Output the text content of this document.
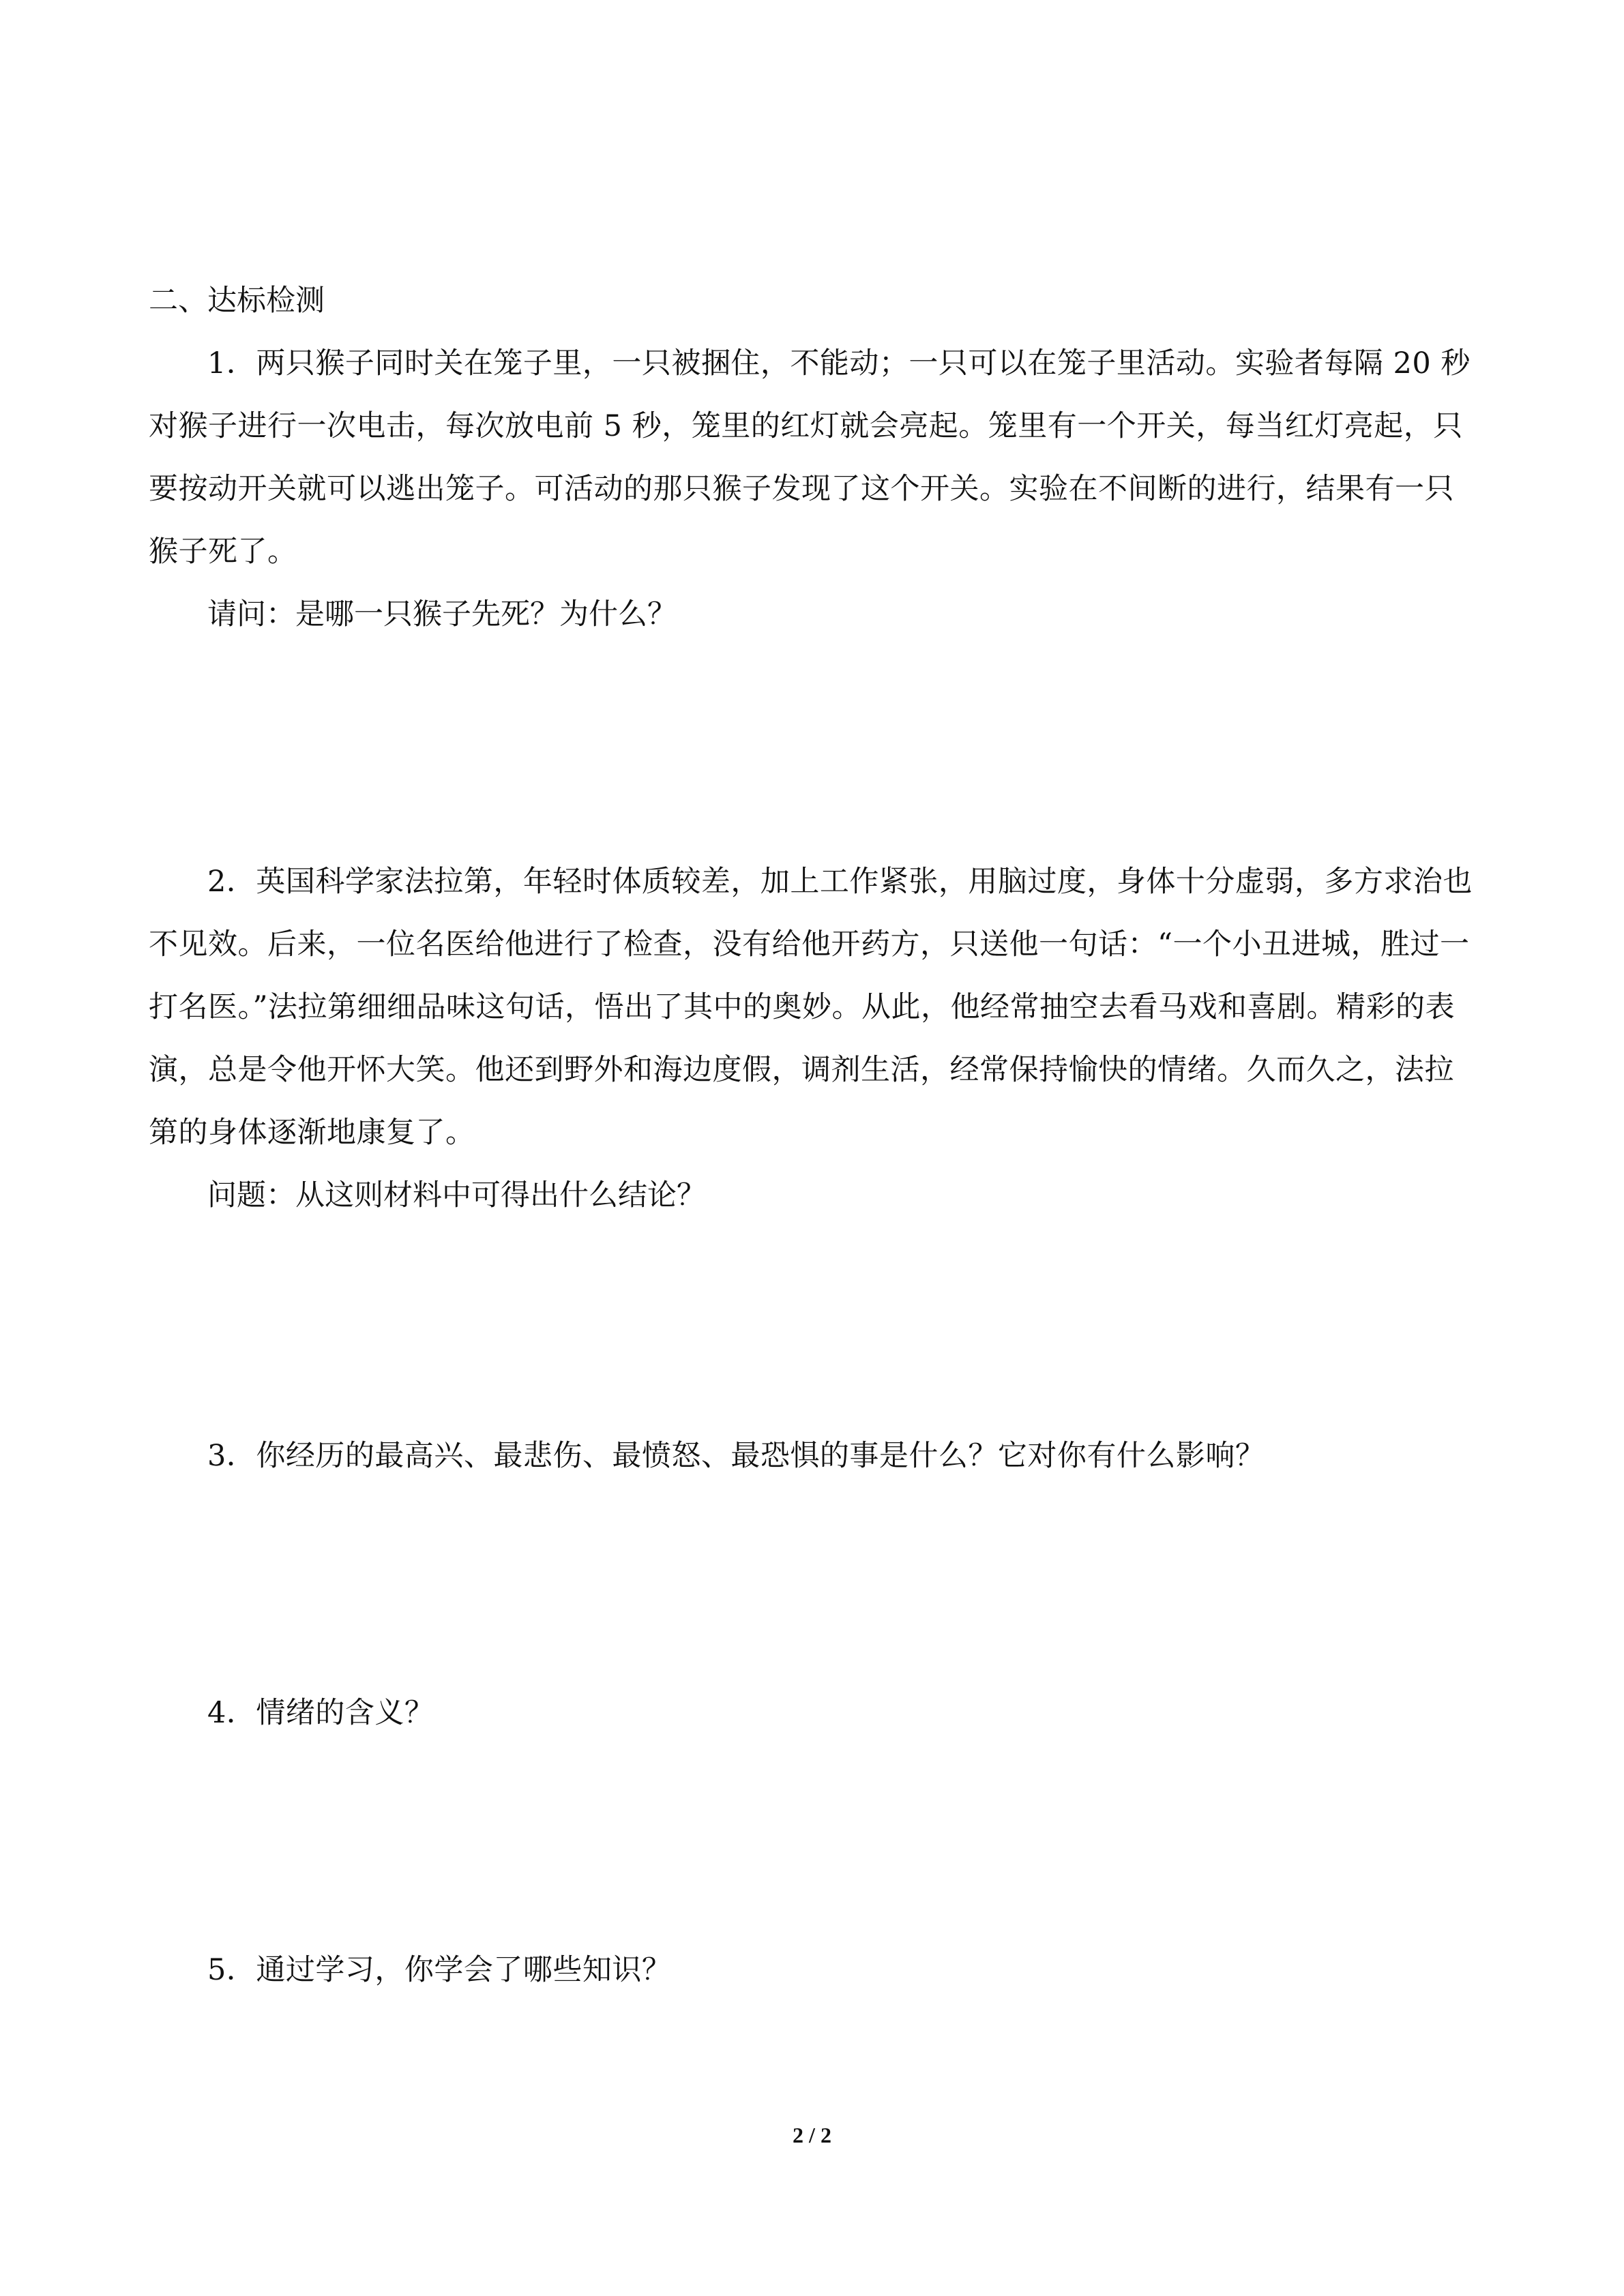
二、达标检测

1．两只猴子同时关在笼子里，一只被捆住，不能动；一只可以在笼子里活动。实验者每隔 20 秒对猴子进行一次电击，每次放电前 5 秒，笼里的红灯就会亮起。笼里有一个开关，每当红灯亮起，只要按动开关就可以逃出笼子。可活动的那只猴子发现了这个开关。实验在不间断的进行，结果有一只猴子死了。

请问：是哪一只猴子先死？为什么？

2．英国科学家法拉第，年轻时体质较差，加上工作紧张，用脑过度，身体十分虚弱，多方求治也不见效。后来，一位名医给他进行了检查，没有给他开药方，只送他一句话：“一个小丑进城，胜过一打名医。”法拉第细细品味这句话，悟出了其中的奥妙。从此，他经常抽空去看马戏和喜剧。精彩的表演，总是令他开怀大笑。他还到野外和海边度假，调剂生活，经常保持愉快的情绪。久而久之，法拉第的身体逐渐地康复了。

问题：从这则材料中可得出什么结论？

3．你经历的最高兴、最悲伤、最愤怒、最恐惧的事是什么？它对你有什么影响？

4．情绪的含义？

5．通过学习，你学会了哪些知识？

2 / 2
